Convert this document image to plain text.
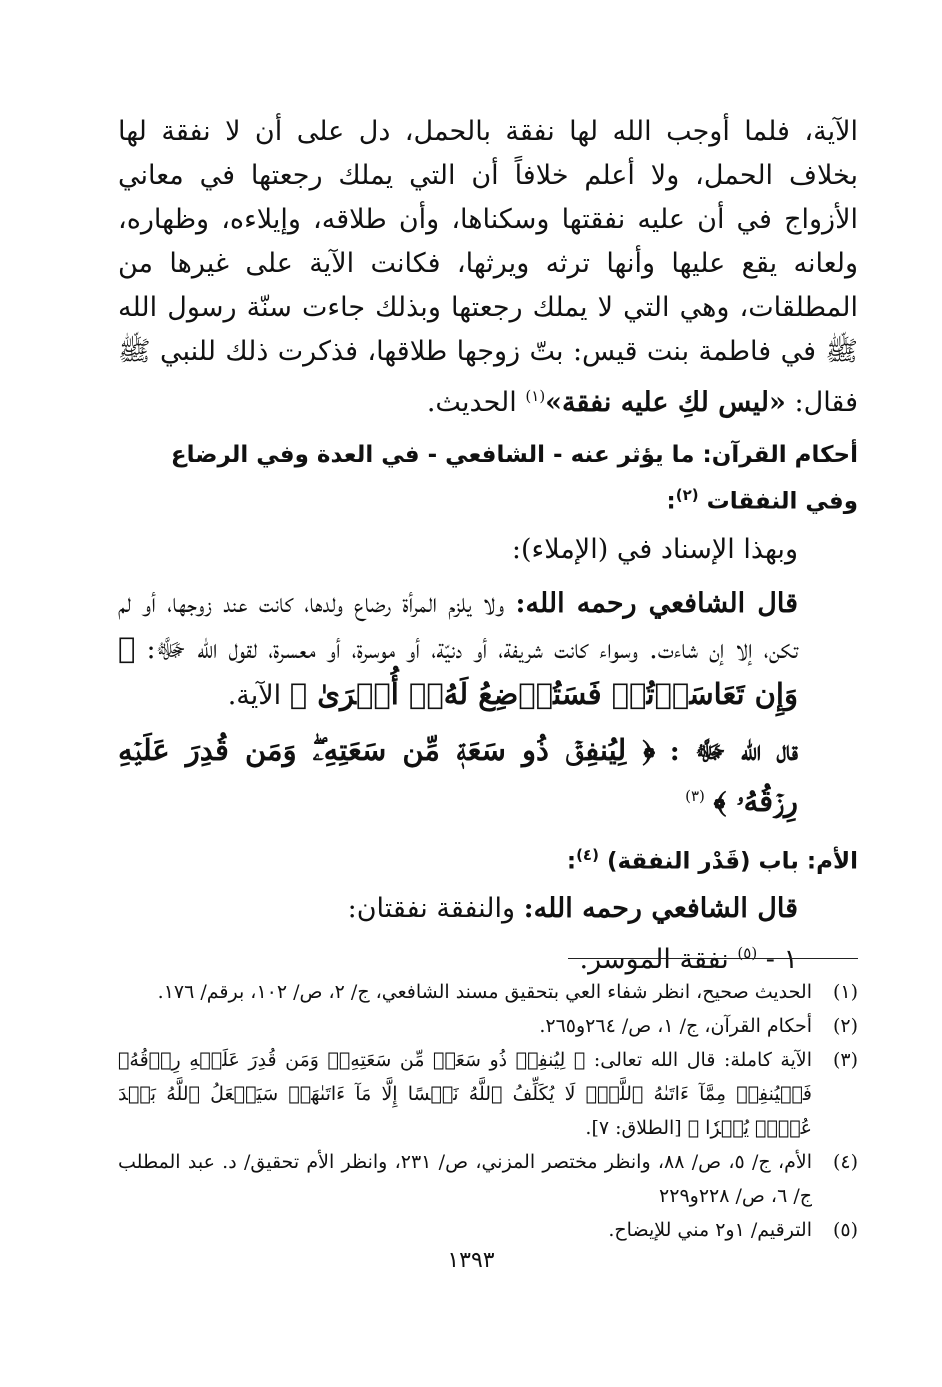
الآية، فلما أوجب الله لها نفقة بالحمل، دل على أن لا نفقة لها بخلاف الحمل، ولا أعلم خلافاً أن التي يملك رجعتها في معاني الأزواج في أن عليه نفقتها وسكناها، وأن طلاقه، وإيلاءه، وظهاره، ولعانه يقع عليها وأنها ترثه ويرثها، فكانت الآية على غيرها من المطلقات، وهي التي لا يملك رجعتها وبذلك جاءت سنّة رسول الله ﷺ في فاطمة بنت قيس: بتّ زوجها طلاقها، فذكرت ذلك للنبي ﷺ فقال: «ليس لكِ عليه نفقة»$^{(١)}$ الحديث.

أحكام القرآن: ما يؤثر عنه - الشافعي - في العدة وفي الرضاع وفي النفقات $^{(٢)}$:

وبهذا الإسناد في (الإملاء):

قال الشافعي رحمه الله: ولا يلزم المرأة رضاع ولدها، كانت عند زوجها، أو لم تكن، إلا إن شاءت. وسواء كانت شريفة، أو دنيّة، أو موسرة، أو معسرة، لقول الله ﷻ: ﴿ وَإِن تَعَاسَرۡتُمۡ فَسَتُرۡضِعُ لَهُۥٓ أُخۡرَىٰ ﴾ الآية.

قال الله ﷻ : ﴿ لِيُنفِقۡ ذُو سَعَةٖ مِّن سَعَتِهِۦۖ وَمَن قُدِرَ عَلَيۡهِ رِزۡقُهُۥ ﴾ $^{(٣)}$

الأم: باب (قَدْر النفقة) $^{(٤)}$:

قال الشافعي رحمه الله: والنفقة نفقتان:

١ - $^{(٥)}$ نفقة الموسر.

(١)
الحديث صحيح، انظر شفاء العي بتحقيق مسند الشافعي، ج/ ٢، ص/ ١٠٢، برقم/ ١٧٦.
(٢)
أحكام القرآن، ج/ ١، ص/ ٢٦٤و٢٦٥.
(٣)
الآية كاملة: قال الله تعالى: ﴿ لِيُنفِقۡ ذُو سَعَةٖ مِّن سَعَتِهِۦۖ وَمَن قُدِرَ عَلَيۡهِ رِزۡقُهُۥ فَلۡيُنفِقۡ مِمَّآ ءَاتَىٰهُ ٱللَّهُۚ لَا يُكَلِّفُ ٱللَّهُ نَفۡسًا إِلَّا مَآ ءَاتَىٰهَاۚ سَيَجۡعَلُ ٱللَّهُ بَعۡدَ عُسۡرٖ يُسۡرٗا ﴾ [الطلاق: ٧].
(٤)
الأم، ج/ ٥، ص/ ٨٨، وانظر مختصر المزني، ص/ ٢٣١، وانظر الأم تحقيق/ د. عبد المطلب ج/ ٦، ص/ ٢٢٨و٢٢٩
(٥)
الترقيم/ ١و٢ مني للإيضاح.
١٣٩٣
